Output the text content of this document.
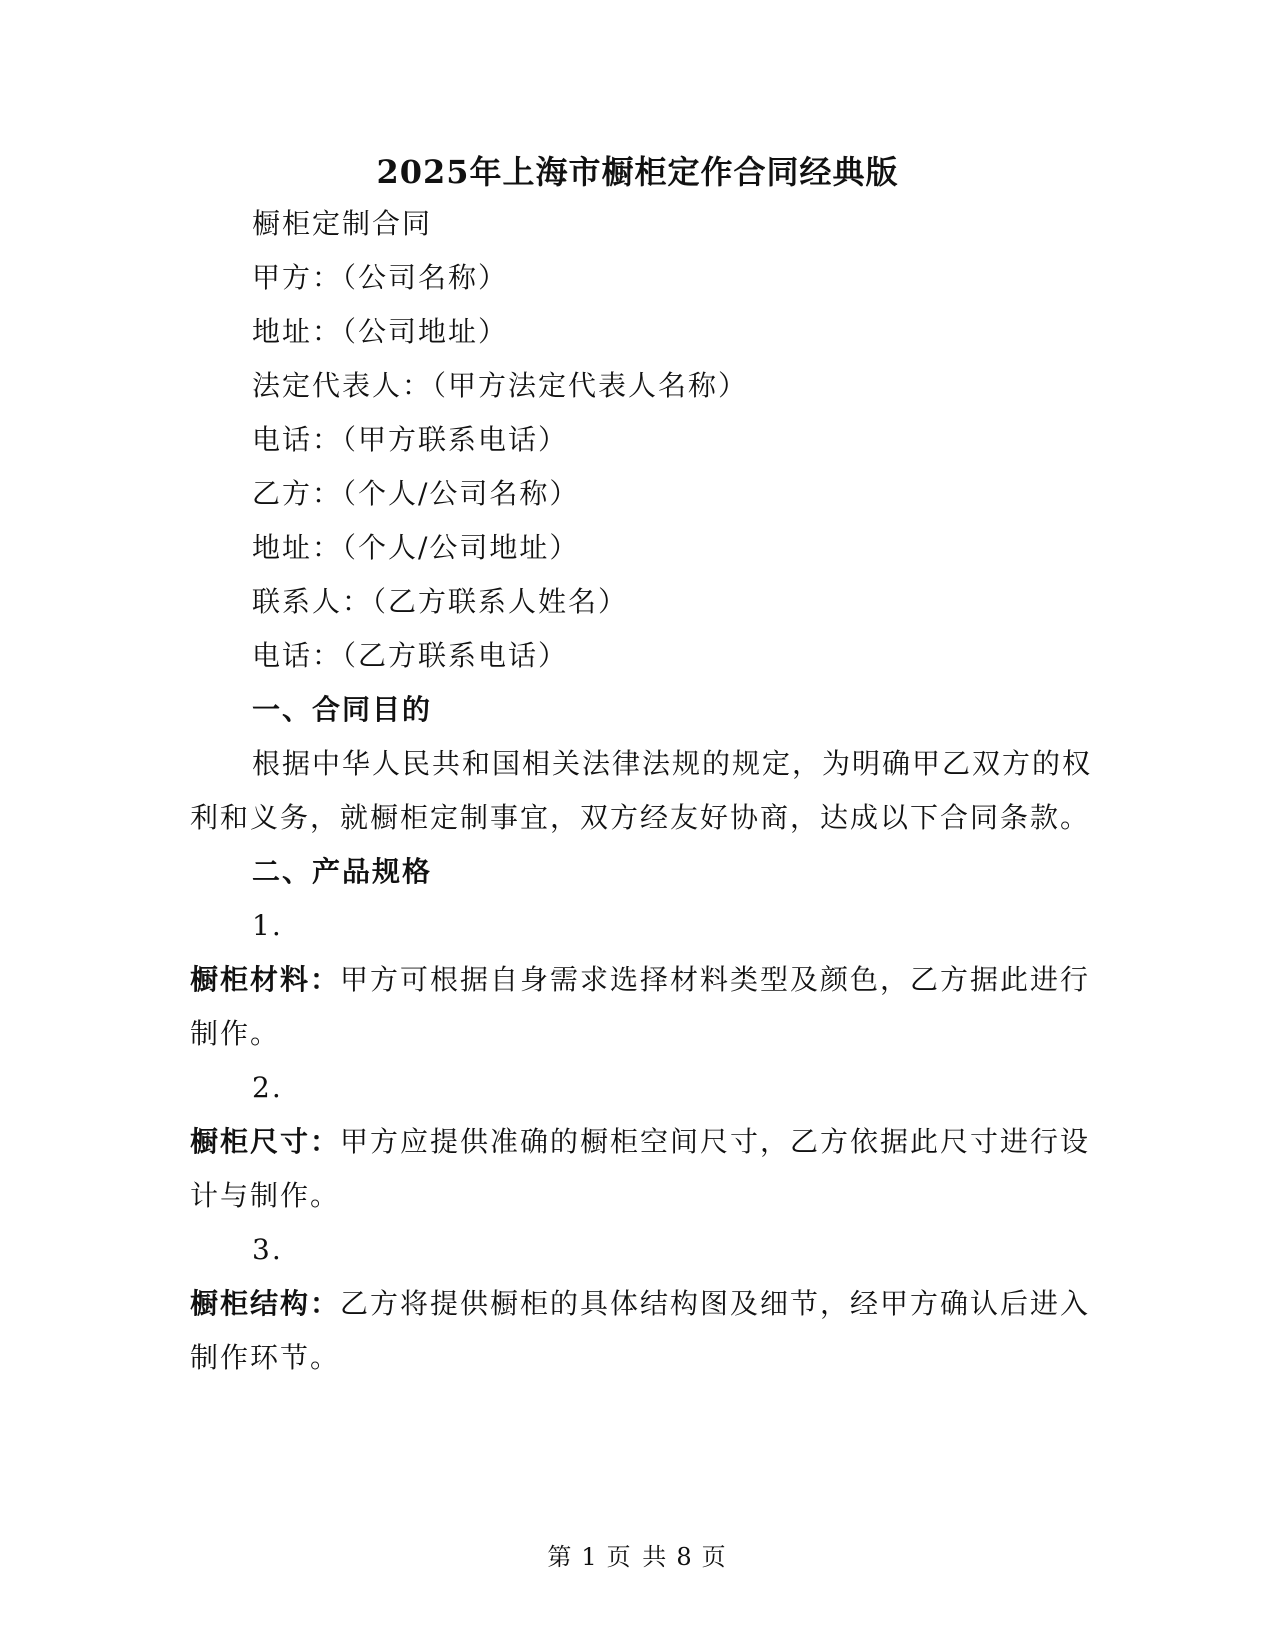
2025年上海市橱柜定作合同经典版
橱柜定制合同
甲方：（公司名称）
地址：（公司地址）
法定代表人：（甲方法定代表人名称）
电话：（甲方联系电话）
乙方：（个人/公司名称）
地址：（个人/公司地址）
联系人：（乙方联系人姓名）
电话：（乙方联系电话）
一、合同目的
根据中华人民共和国相关法律法规的规定，为明确甲乙双方的权
利和义务，就橱柜定制事宜，双方经友好协商，达成以下合同条款。
二、产品规格
1.
橱柜材料：甲方可根据自身需求选择材料类型及颜色，乙方据此进行
制作。
2.
橱柜尺寸：甲方应提供准确的橱柜空间尺寸，乙方依据此尺寸进行设
计与制作。
3.
橱柜结构：乙方将提供橱柜的具体结构图及细节，经甲方确认后进入
制作环节。
第 1 页 共 8 页
